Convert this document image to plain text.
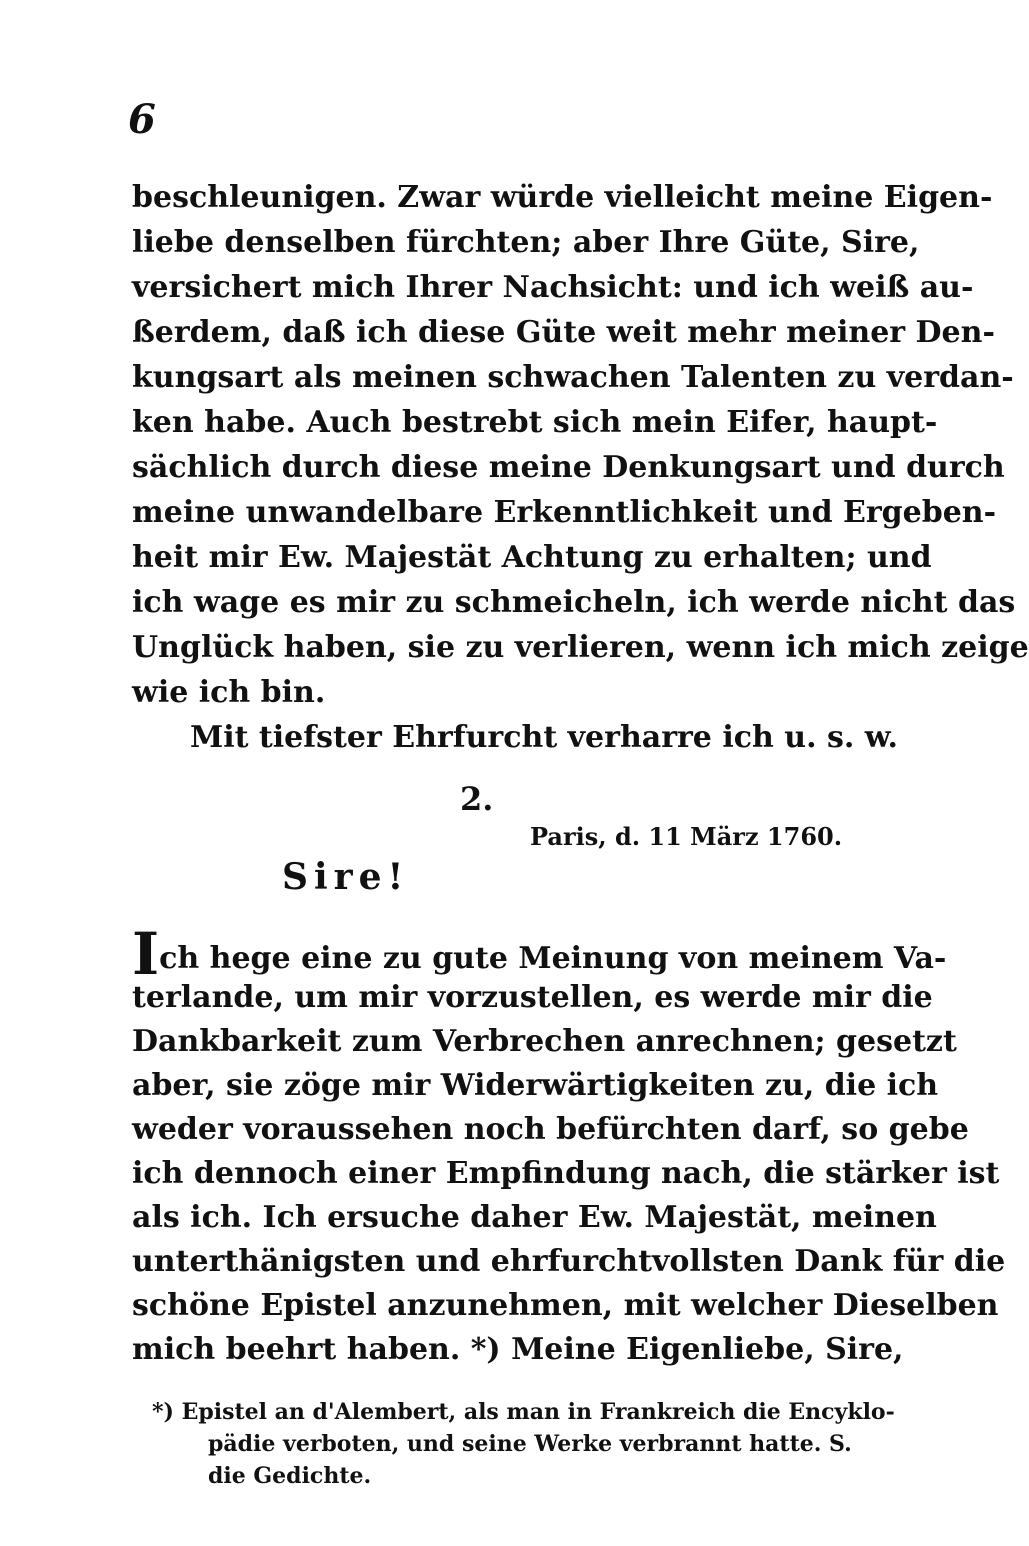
6
beschleunigen. Zwar würde vielleicht meine Eigen-
liebe denselben fürchten; aber Ihre Güte, Sire,
versichert mich Ihrer Nachsicht: und ich weiß au-
ßerdem, daß ich diese Güte weit mehr meiner Den-
kungsart als meinen schwachen Talenten zu verdan-
ken habe. Auch bestrebt sich mein Eifer, haupt-
sächlich durch diese meine Denkungsart und durch
meine unwandelbare Erkenntlichkeit und Ergeben-
heit mir Ew. Majestät Achtung zu erhalten; und
ich wage es mir zu schmeicheln, ich werde nicht das
Unglück haben, sie zu verlieren, wenn ich mich zeige
wie ich bin.
Mit tiefster Ehrfurcht verharre ich u. s. w.
2.
Paris, d. 11 März 1760.
Sire!
Ich hege eine zu gute Meinung von meinem Va-
terlande, um mir vorzustellen, es werde mir die
Dankbarkeit zum Verbrechen anrechnen; gesetzt
aber, sie zöge mir Widerwärtigkeiten zu, die ich
weder voraussehen noch befürchten darf, so gebe
ich dennoch einer Empfindung nach, die stärker ist
als ich. Ich ersuche daher Ew. Majestät, meinen
unterthänigsten und ehrfurchtvollsten Dank für die
schöne Epistel anzunehmen, mit welcher Dieselben
mich beehrt haben. *) Meine Eigenliebe, Sire,
*) Epistel an d'Alembert, als man in Frankreich die Encyklo-
pädie verboten, und seine Werke verbrannt hatte. S.
die Gedichte.
